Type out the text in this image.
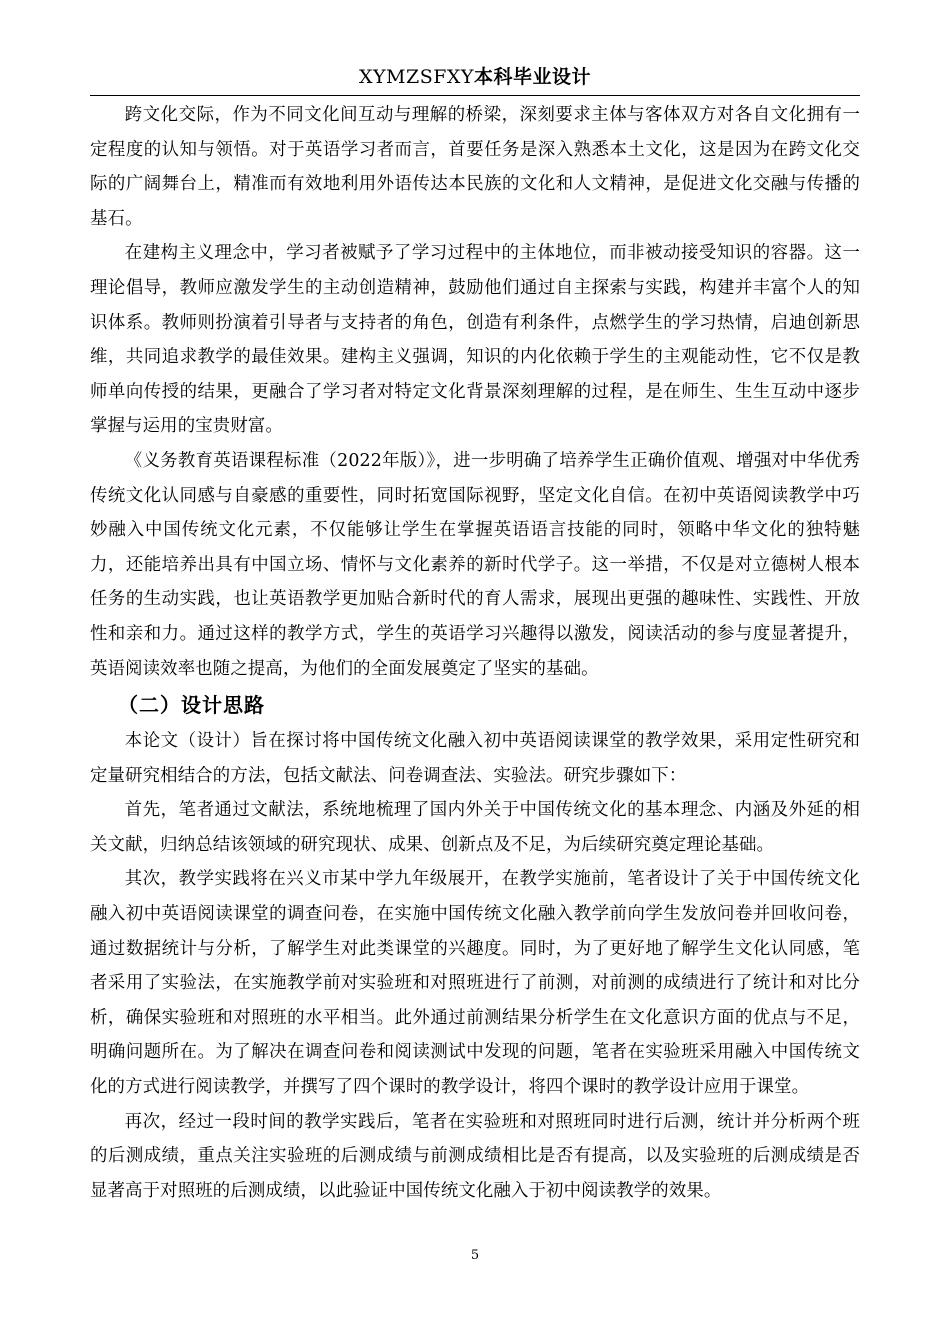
XYMZSFXY本科毕业设计

跨文化交际，作为不同文化间互动与理解的桥梁，深刻要求主体与客体双方对各自文化拥有一定程度的认知与领悟。对于英语学习者而言，首要任务是深入熟悉本土文化，这是因为在跨文化交际的广阔舞台上，精准而有效地利用外语传达本民族的文化和人文精神，是促进文化交融与传播的基石。

在建构主义理念中，学习者被赋予了学习过程中的主体地位，而非被动接受知识的容器。这一理论倡导，教师应激发学生的主动创造精神，鼓励他们通过自主探索与实践，构建并丰富个人的知识体系。教师则扮演着引导者与支持者的角色，创造有利条件，点燃学生的学习热情，启迪创新思维，共同追求教学的最佳效果。建构主义强调，知识的内化依赖于学生的主观能动性，它不仅是教师单向传授的结果，更融合了学习者对特定文化背景深刻理解的过程，是在师生、生生互动中逐步掌握与运用的宝贵财富。

《义务教育英语课程标准（2022年版）》，进一步明确了培养学生正确价值观、增强对中华优秀传统文化认同感与自豪感的重要性，同时拓宽国际视野，坚定文化自信。在初中英语阅读教学中巧妙融入中国传统文化元素，不仅能够让学生在掌握英语语言技能的同时，领略中华文化的独特魅力，还能培养出具有中国立场、情怀与文化素养的新时代学子。这一举措，不仅是对立德树人根本任务的生动实践，也让英语教学更加贴合新时代的育人需求，展现出更强的趣味性、实践性、开放性和亲和力。通过这样的教学方式，学生的英语学习兴趣得以激发，阅读活动的参与度显著提升，英语阅读效率也随之提高，为他们的全面发展奠定了坚实的基础。

（二）设计思路

本论文（设计）旨在探讨将中国传统文化融入初中英语阅读课堂的教学效果，采用定性研究和定量研究相结合的方法，包括文献法、问卷调查法、实验法。研究步骤如下：

首先，笔者通过文献法，系统地梳理了国内外关于中国传统文化的基本理念、内涵及外延的相关文献，归纳总结该领域的研究现状、成果、创新点及不足，为后续研究奠定理论基础。

其次，教学实践将在兴义市某中学九年级展开，在教学实施前，笔者设计了关于中国传统文化融入初中英语阅读课堂的调查问卷，在实施中国传统文化融入教学前向学生发放问卷并回收问卷，通过数据统计与分析，了解学生对此类课堂的兴趣度。同时，为了更好地了解学生文化认同感，笔者采用了实验法，在实施教学前对实验班和对照班进行了前测，对前测的成绩进行了统计和对比分析，确保实验班和对照班的水平相当。此外通过前测结果分析学生在文化意识方面的优点与不足，明确问题所在。为了解决在调查问卷和阅读测试中发现的问题，笔者在实验班采用融入中国传统文化的方式进行阅读教学，并撰写了四个课时的教学设计，将四个课时的教学设计应用于课堂。

再次，经过一段时间的教学实践后，笔者在实验班和对照班同时进行后测，统计并分析两个班的后测成绩，重点关注实验班的后测成绩与前测成绩相比是否有提高，以及实验班的后测成绩是否显著高于对照班的后测成绩，以此验证中国传统文化融入于初中阅读教学的效果。

5
